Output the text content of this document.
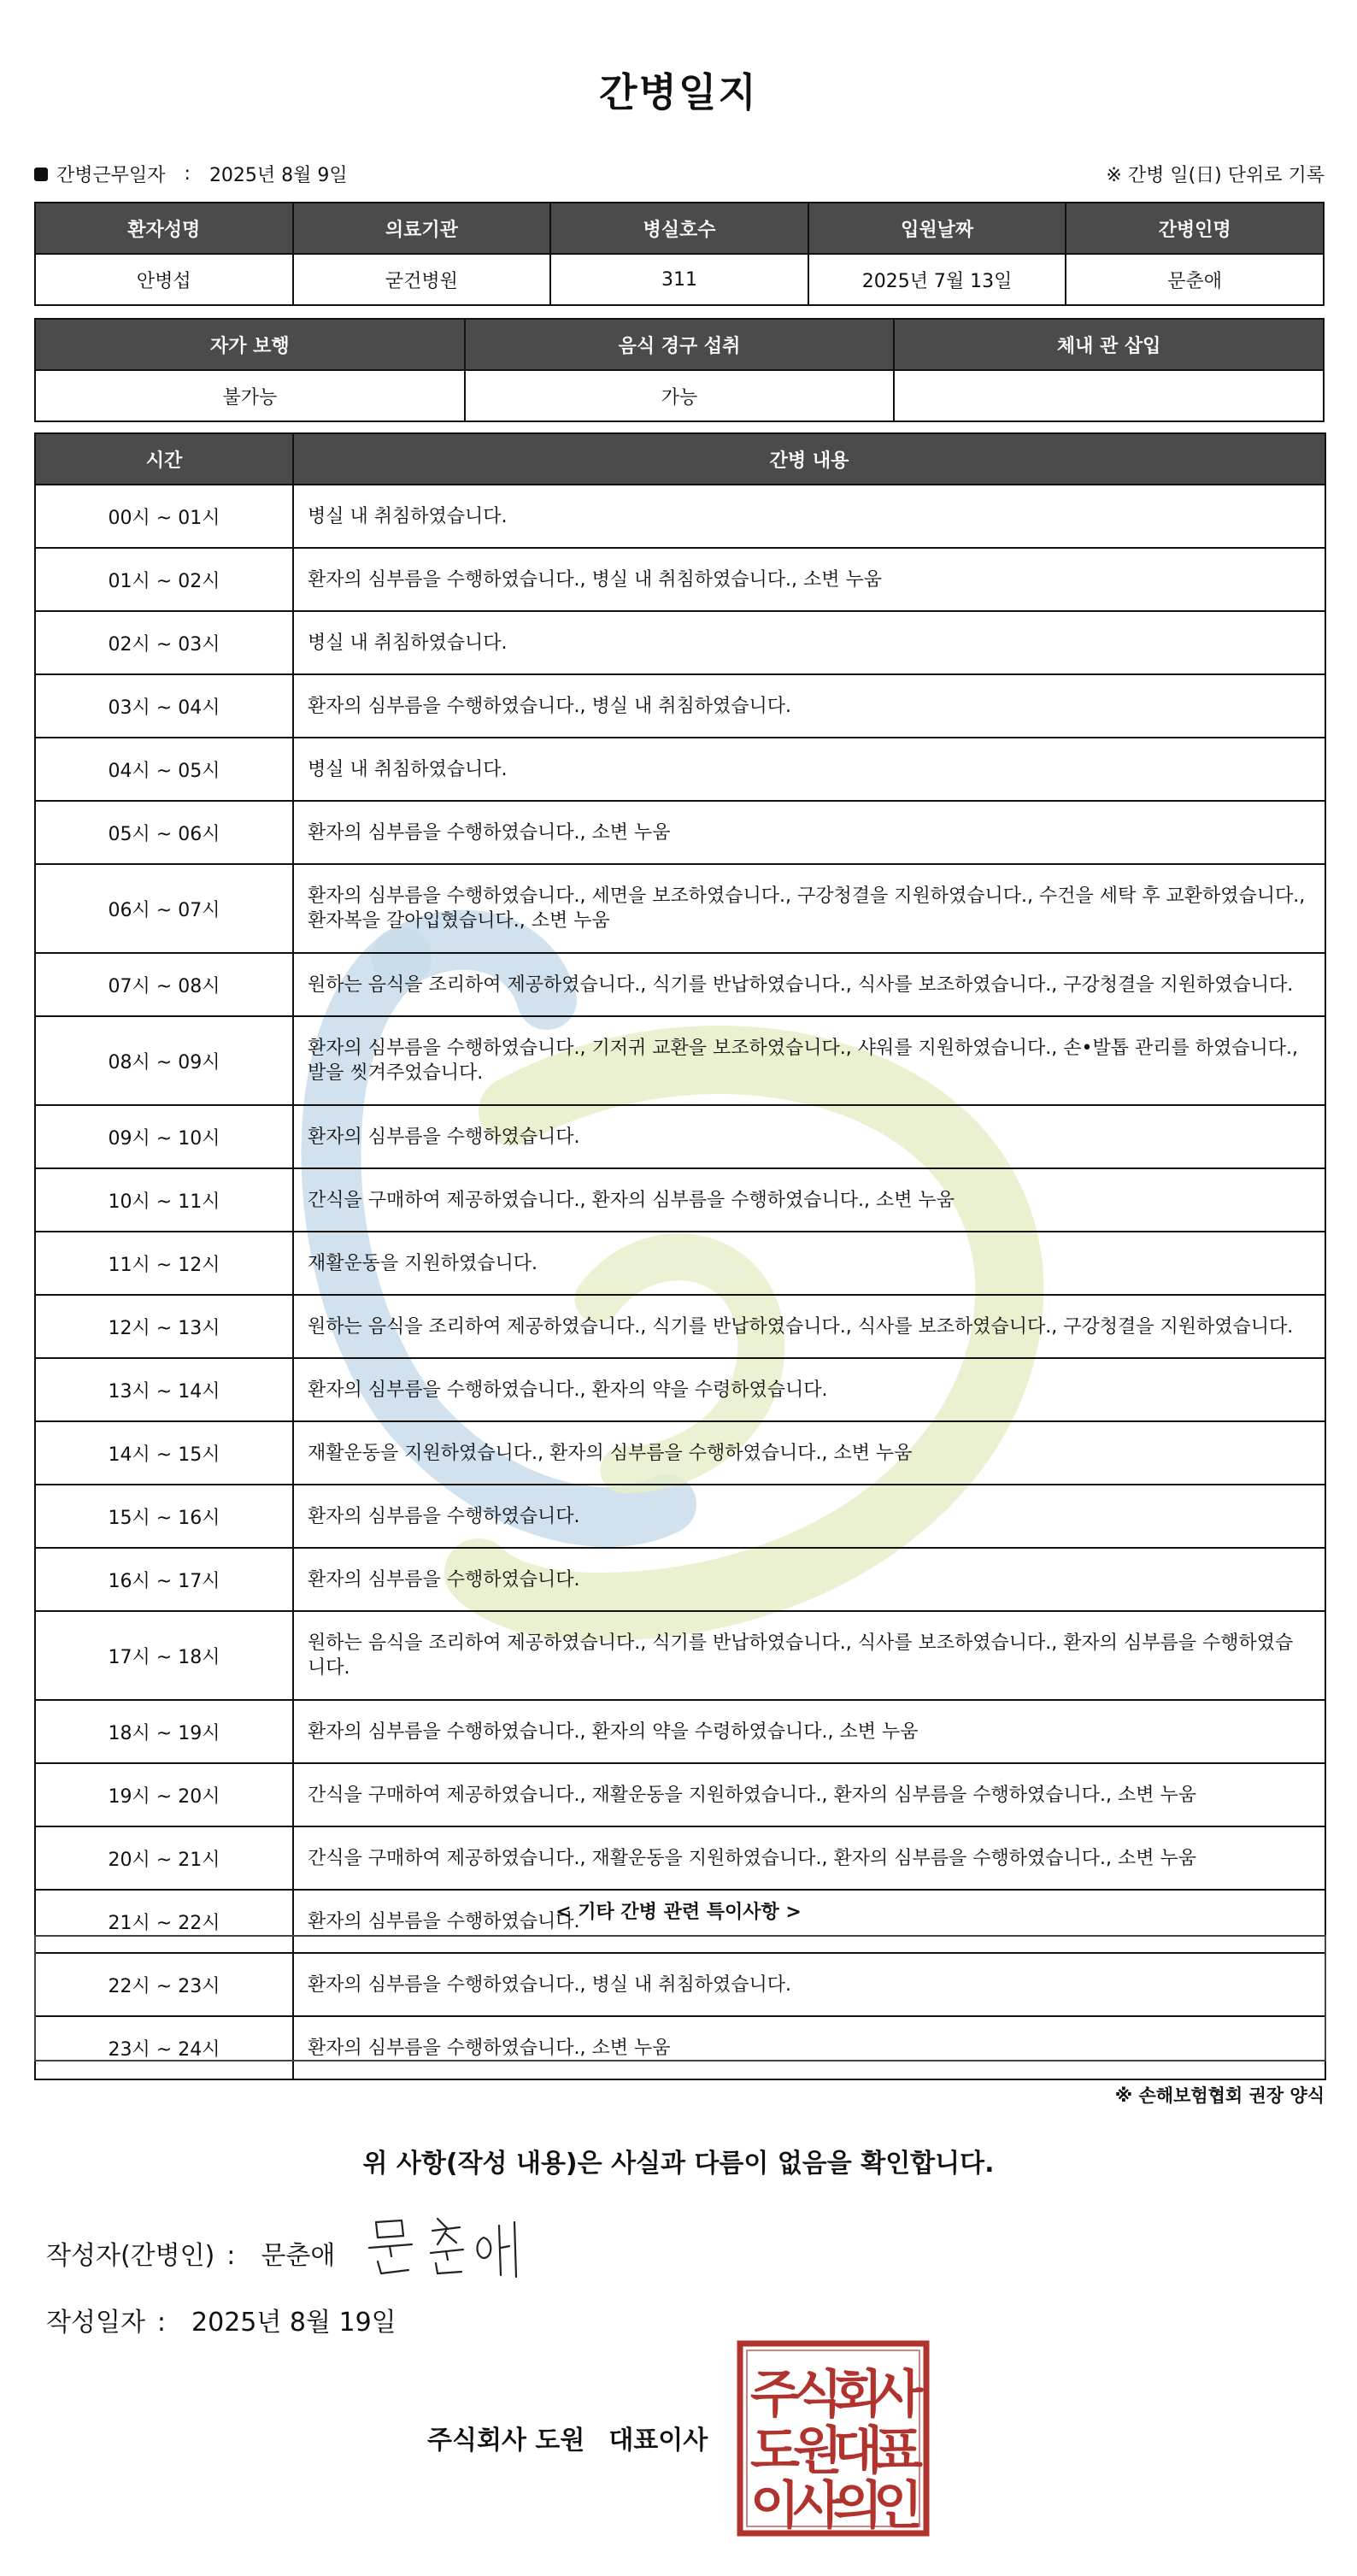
간병일지
간병근무일자 : 2025년 8월 9일	※ 간병 일(日) 단위로 기록
환자성명	의료기관	병실호수	입원날짜	간병인명
안병섭	굳건병원	311	2025년 7월 13일	문춘애
자가 보행	음식 경구 섭취	체내 관 삽입
불가능	가능	
시간	간병 내용
00시 ~ 01시	병실 내 취침하였습니다.
01시 ~ 02시	환자의 심부름을 수행하였습니다., 병실 내 취침하였습니다., 소변 누움
02시 ~ 03시	병실 내 취침하였습니다.
03시 ~ 04시	환자의 심부름을 수행하였습니다., 병실 내 취침하였습니다.
04시 ~ 05시	병실 내 취침하였습니다.
05시 ~ 06시	환자의 심부름을 수행하였습니다., 소변 누움
06시 ~ 07시	환자의 심부름을 수행하였습니다., 세면을 보조하였습니다., 구강청결을 지원하였습니다., 수건을 세탁 후 교환하였습니다., 환자복을 갈아입혔습니다., 소변 누움
07시 ~ 08시	원하는 음식을 조리하여 제공하였습니다., 식기를 반납하였습니다., 식사를 보조하였습니다., 구강청결을 지원하였습니다.
08시 ~ 09시	환자의 심부름을 수행하였습니다., 기저귀 교환을 보조하였습니다., 샤워를 지원하였습니다., 손•발톱 관리를 하였습니다., 발을 씻겨주었습니다.
09시 ~ 10시	환자의 심부름을 수행하였습니다.
10시 ~ 11시	간식을 구매하여 제공하였습니다., 환자의 심부름을 수행하였습니다., 소변 누움
11시 ~ 12시	재활운동을 지원하였습니다.
12시 ~ 13시	원하는 음식을 조리하여 제공하였습니다., 식기를 반납하였습니다., 식사를 보조하였습니다., 구강청결을 지원하였습니다.
13시 ~ 14시	환자의 심부름을 수행하였습니다., 환자의 약을 수령하였습니다.
14시 ~ 15시	재활운동을 지원하였습니다., 환자의 심부름을 수행하였습니다., 소변 누움
15시 ~ 16시	환자의 심부름을 수행하였습니다.
16시 ~ 17시	환자의 심부름을 수행하였습니다.
17시 ~ 18시	원하는 음식을 조리하여 제공하였습니다., 식기를 반납하였습니다., 식사를 보조하였습니다., 환자의 심부름을 수행하였습니다.
18시 ~ 19시	환자의 심부름을 수행하였습니다., 환자의 약을 수령하였습니다., 소변 누움
19시 ~ 20시	간식을 구매하여 제공하였습니다., 재활운동을 지원하였습니다., 환자의 심부름을 수행하였습니다., 소변 누움
20시 ~ 21시	간식을 구매하여 제공하였습니다., 재활운동을 지원하였습니다., 환자의 심부름을 수행하였습니다., 소변 누움
21시 ~ 22시	환자의 심부름을 수행하였습니다.
22시 ~ 23시	환자의 심부름을 수행하였습니다., 병실 내 취침하였습니다.
23시 ~ 24시	환자의 심부름을 수행하였습니다., 소변 누움
< 기타 간병 관련 특이사항 >
※ 손해보험협회 권장 양식
위 사항(작성 내용)은 사실과 다름이 없음을 확인합니다.
작성자(간병인) : 문춘애
작성일자 : 2025년 8월 19일
주식회사 도원 대표이사
주
식
회
사
도
원
대
표
이
사
의
인
